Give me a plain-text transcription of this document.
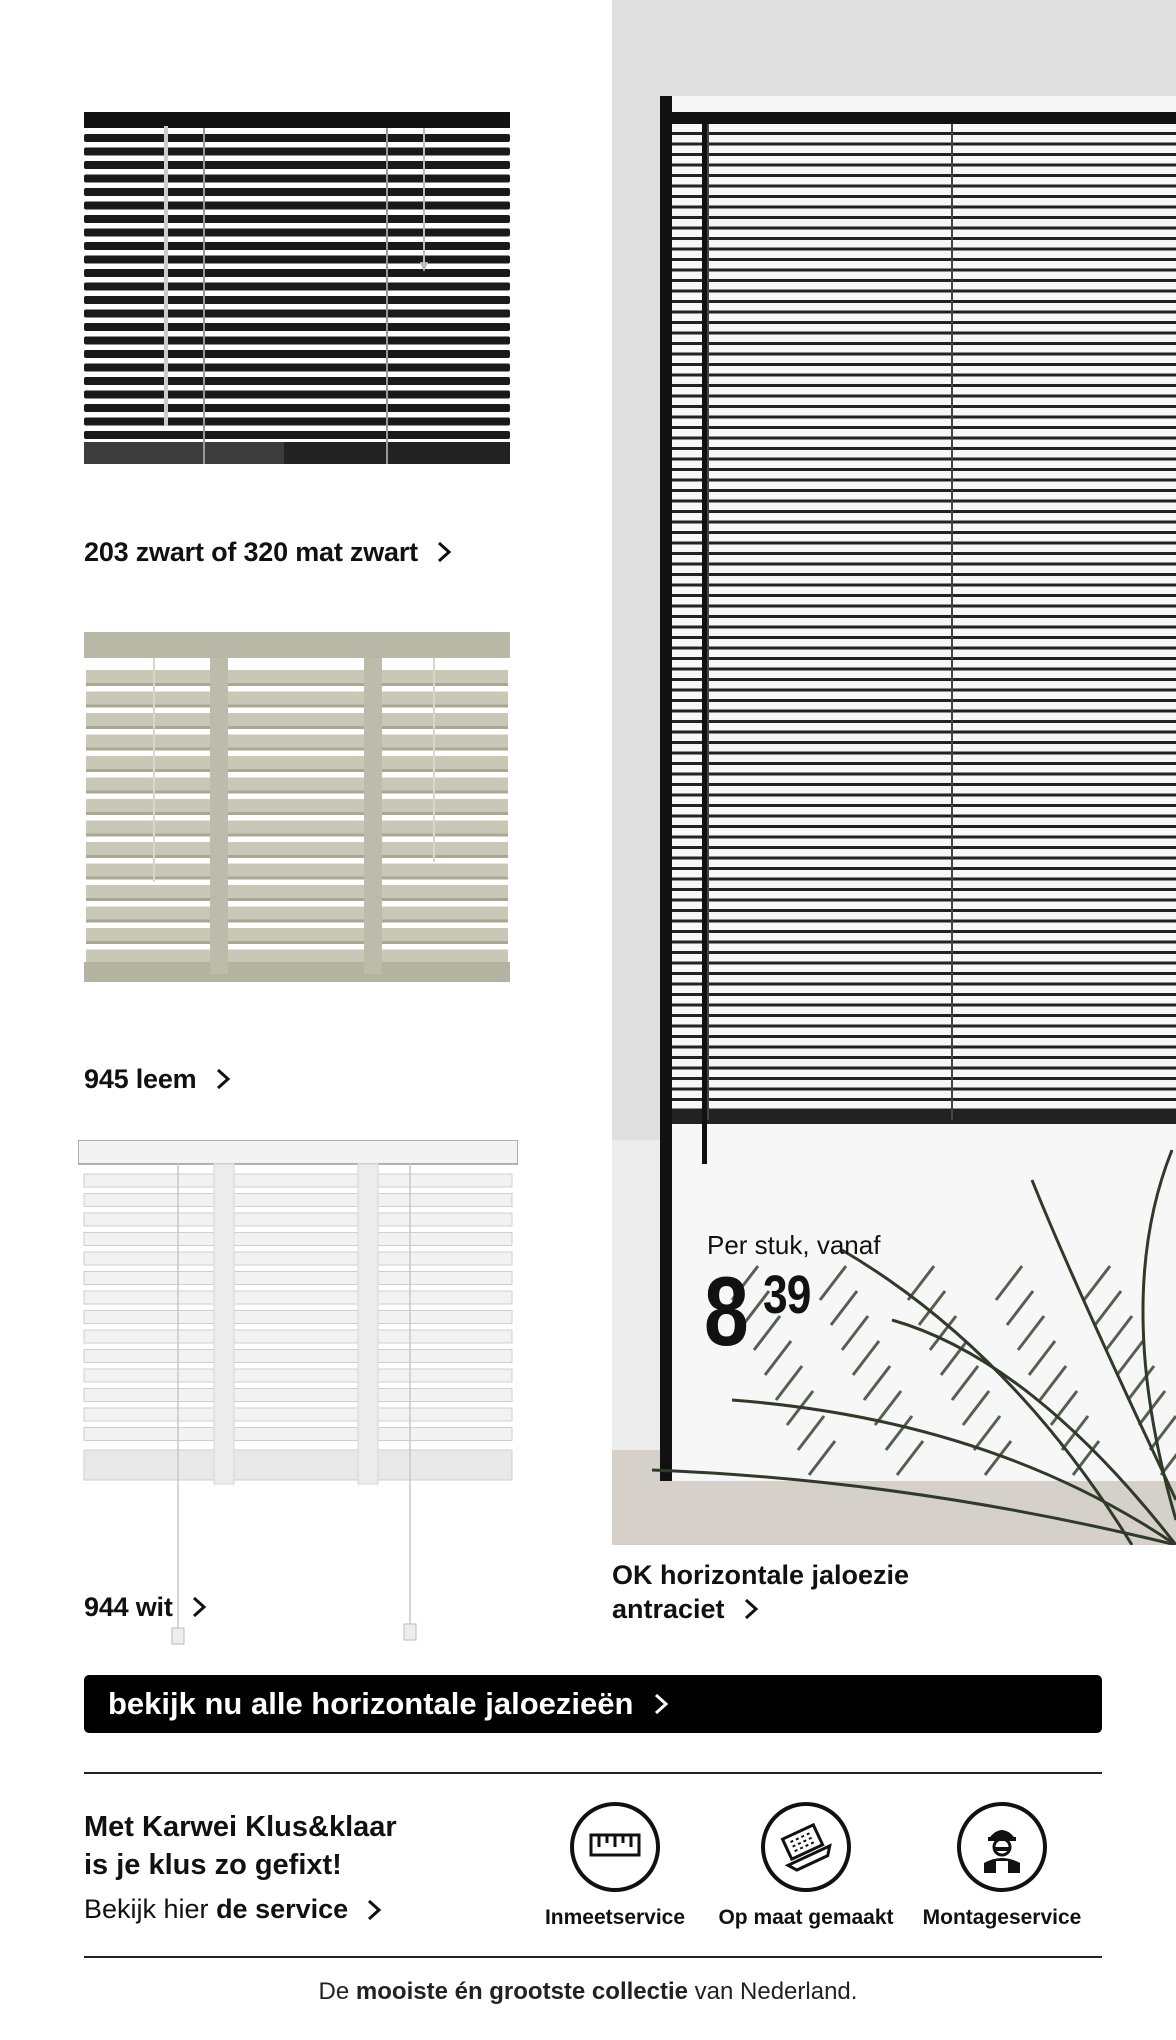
203 zwart of 320 mat zwart
945 leem
944 wit
Per stuk, vanaf
8 39
OK horizontale jaloezie
antraciet
bekijk nu alle horizontale jaloezieën
Met Karwei Klus&klaar
is je klus zo gefixt!
Bekijk hier de service	Inmeetservice	Op maat gemaakt	Montageservice
De mooiste én grootste collectie van Nederland.
